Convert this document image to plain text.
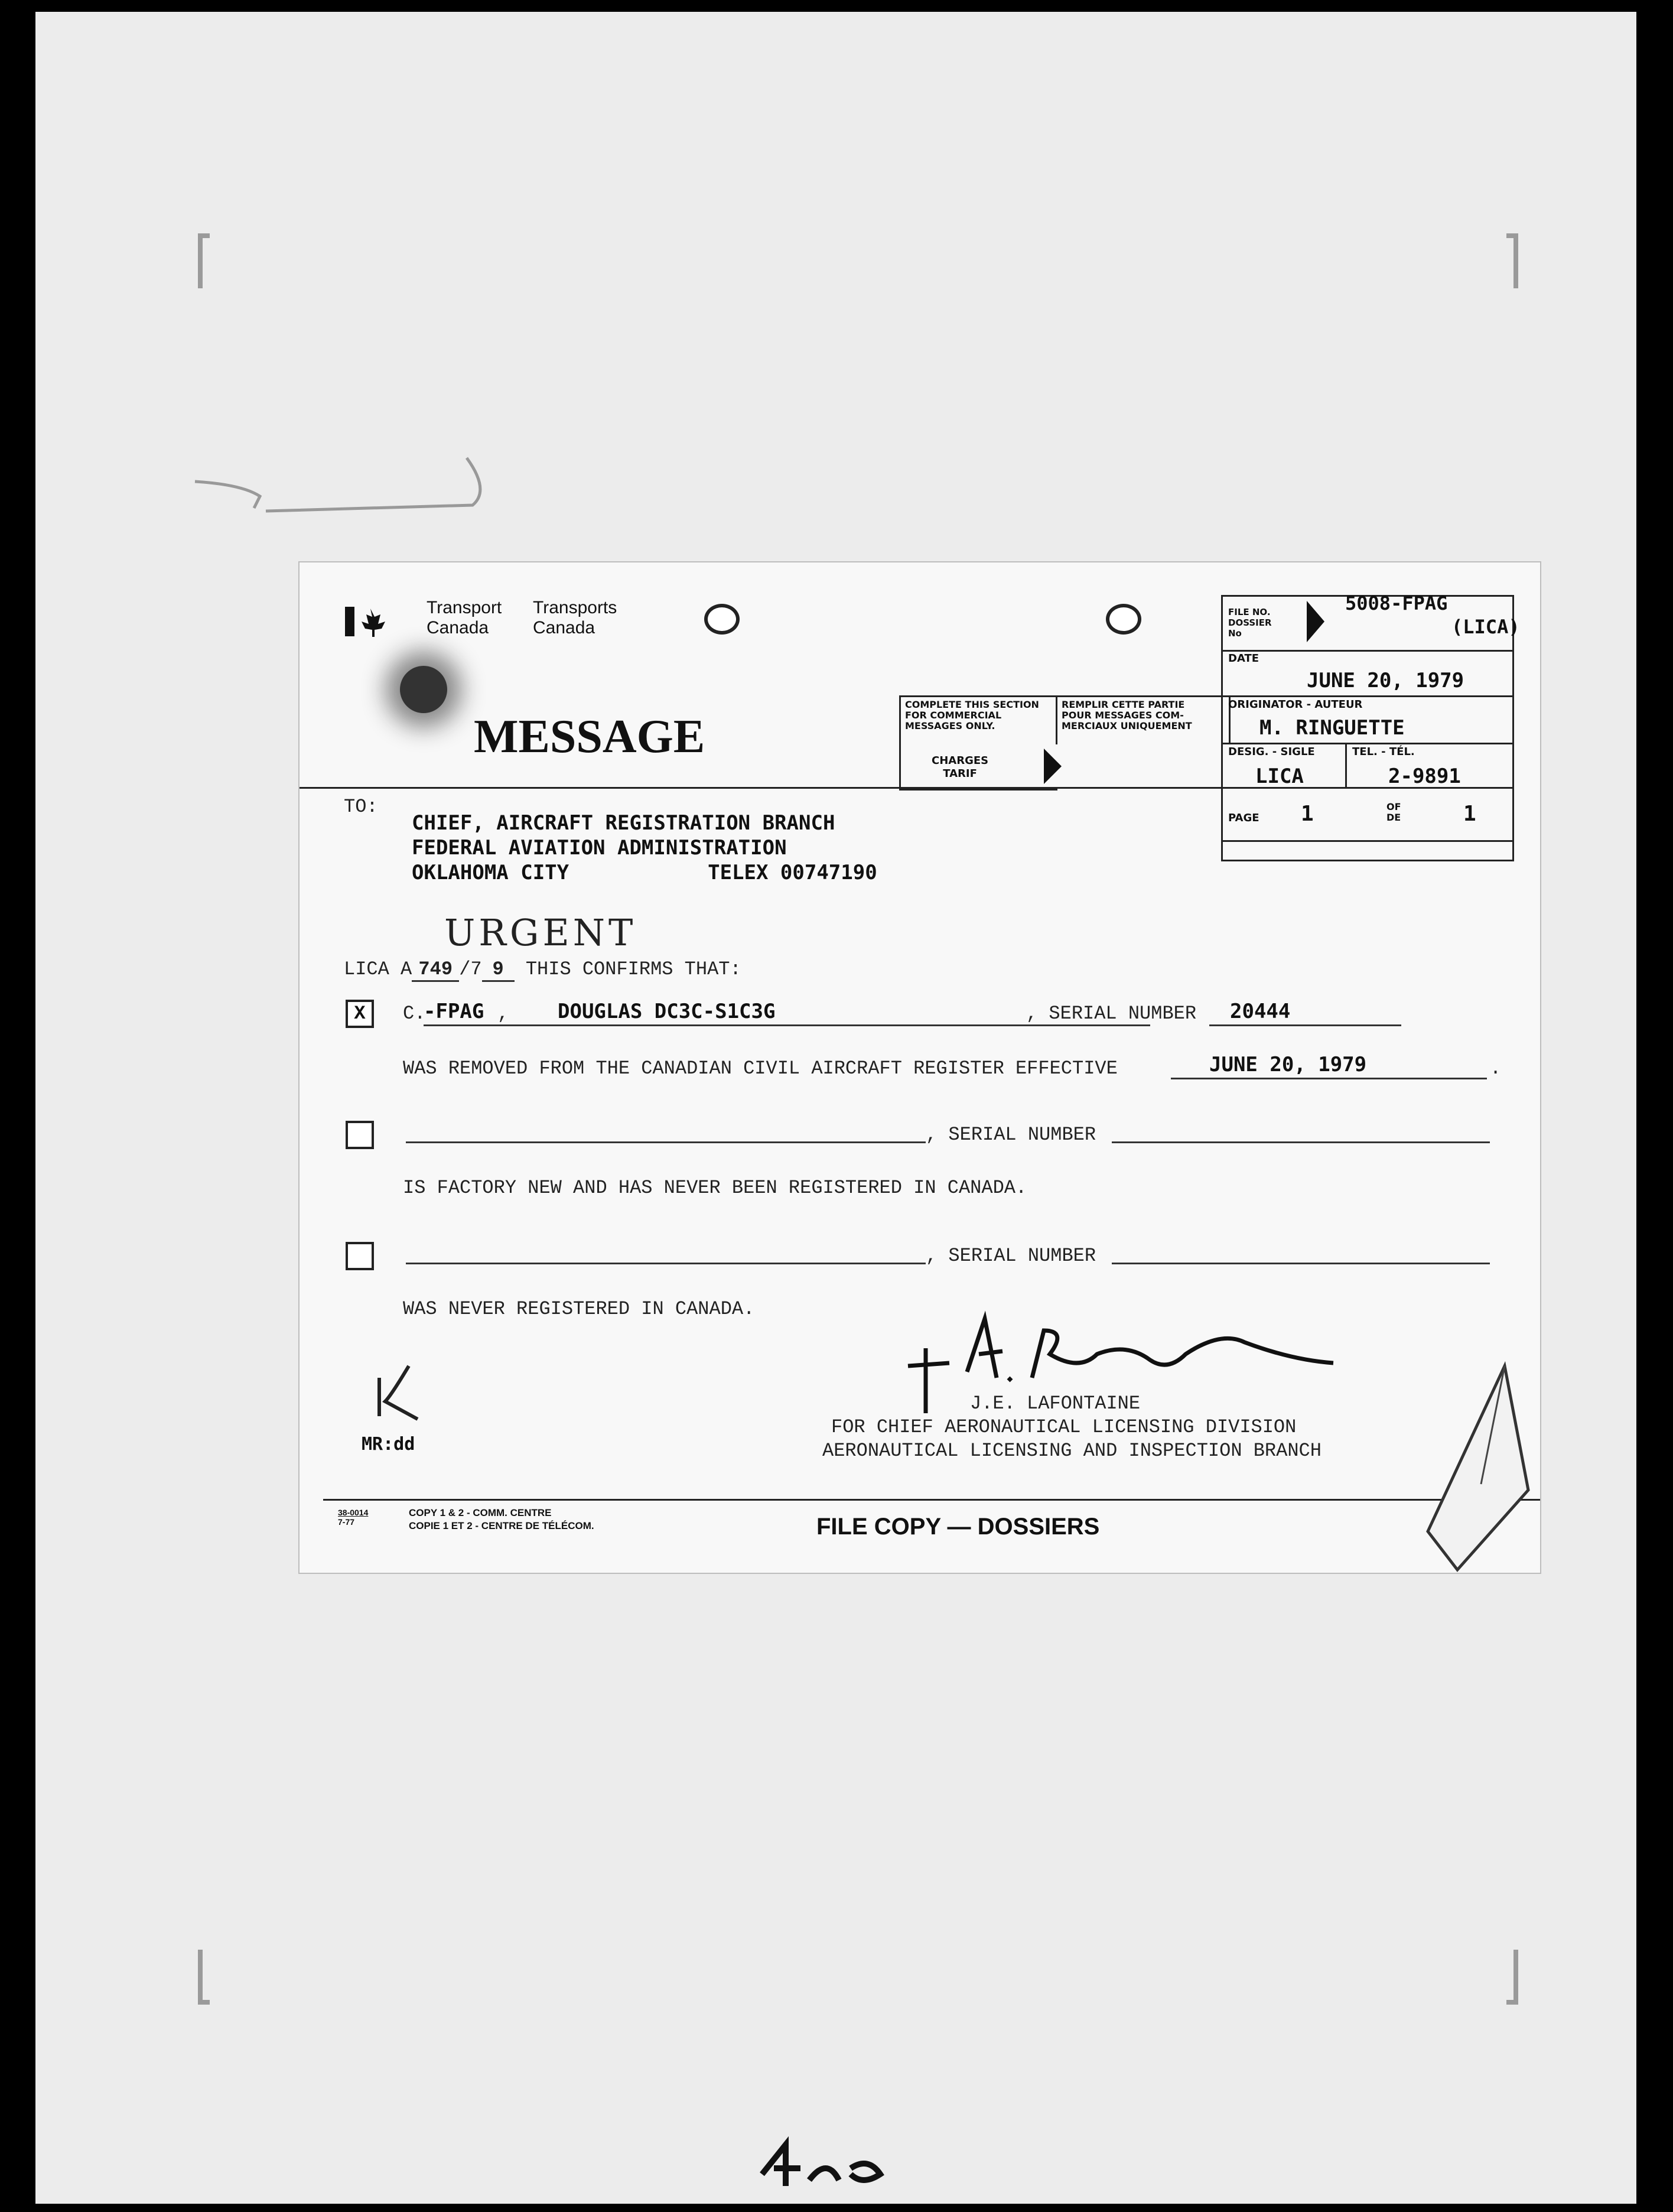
Transport
Canada
Transports
Canada
MESSAGE
COMPLETE THIS SECTION
FOR COMMERCIAL
MESSAGES ONLY.
CHARGES
TARIF
REMPLIR CETTE PARTIE
POUR MESSAGES COM-
MERCIAUX UNIQUEMENT
FILE NO.
DOSSIER
No
5008-FPAG
(LICA)
DATE
JUNE 20, 1979
ORIGINATOR - AUTEUR
M. RINGUETTE
DESIG. - SIGLE
LICA
TEL. - TÉL.
2-9891
PAGE 1	OF
DE	1
TO:
CHIEF, AIRCRAFT REGISTRATION BRANCH
FEDERAL AVIATION ADMINISTRATION
OKLAHOMA CITY	TELEX 00747190
URGENT
LICA A 749 /7 9 THIS CONFIRMS THAT:
X	C.
-FPAG , DOUGLAS DC3C-S1C3G	, SERIAL NUMBER 20444
WAS REMOVED FROM THE CANADIAN CIVIL AIRCRAFT REGISTER EFFECTIVE	JUNE 20, 1979	.
, SERIAL NUMBER
IS FACTORY NEW AND HAS NEVER BEEN REGISTERED IN CANADA.
, SERIAL NUMBER
WAS NEVER REGISTERED IN CANADA.
J.E. LAFONTAINE
FOR CHIEF AERONAUTICAL LICENSING DIVISION
AERONAUTICAL LICENSING AND INSPECTION BRANCH
MR:dd
38-0014
7-77
COPY 1 & 2 - COMM. CENTRE
COPIE 1 ET 2 - CENTRE DE TÉLÉCOM.	FILE COPY — DOSSIERS
